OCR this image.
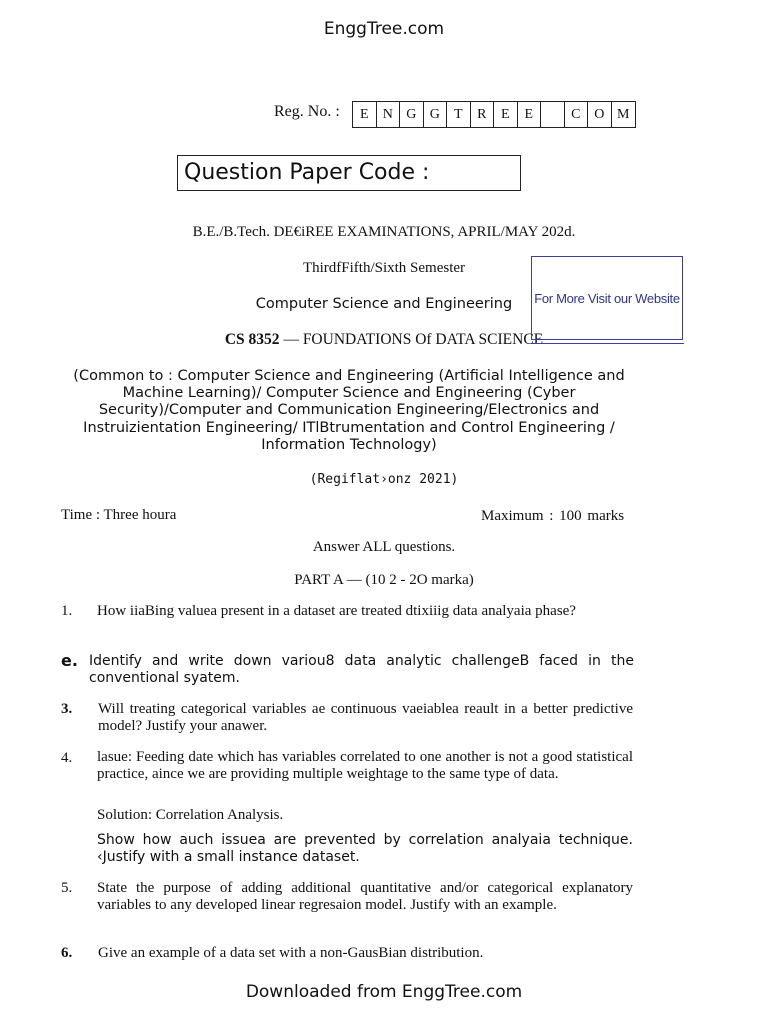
EnggTree.com
Reg. No. :	E	N G G	T	R	E	E	C O M
Question Paper Code :
B.E./B.Tech. DE€iREE EXAMINATIONS, APRIL/MAY 202d.
ThirdfFifth/Sixth Semester
Computer Science and Engineering
CS 8352 — FOUNDATIONS Of DATA SCIENCE
For More Visit our Website
(Common to : Computer Science and Engineering (Artificial Intelligence and Machine Learning)/ Computer Science and Engineering (Cyber Security)/Computer and Communication Engineering/Electronics and Instruizientation Engineering/ ITlBtrumentation and Control Engineering / Information Technology)
(Regiflat›onz 2021)
Time : Three houra	Maximum : 100 marks
Answer ALL questions.
PART A — (10 2 - 2O marka)
1. How iiaBing valuea present in a dataset are treated dtixiiig data analyaia phase?
e. Identify and write down variou8 data analytic challengeB faced in the conventional syatem.
3. Will treating categorical variables ae continuous vaeiablea reault in a better predictive model? Justify your anawer.
4. lasue: Feeding date which has variables correlated to one another is not a good statistical practice, aince we are providing multiple weightage to the same type of data.
Solution: Correlation Analysis.
Show how auch issuea are prevented by correlation analyaia technique. ‹Justify with a small instance dataset.
5. State the purpose of adding additional quantitative and/or categorical explanatory variables to any developed linear regresaion model. Justify with an example.
6. Give an example of a data set with a non-GausBian distribution.
Downloaded from EnggTree.com
